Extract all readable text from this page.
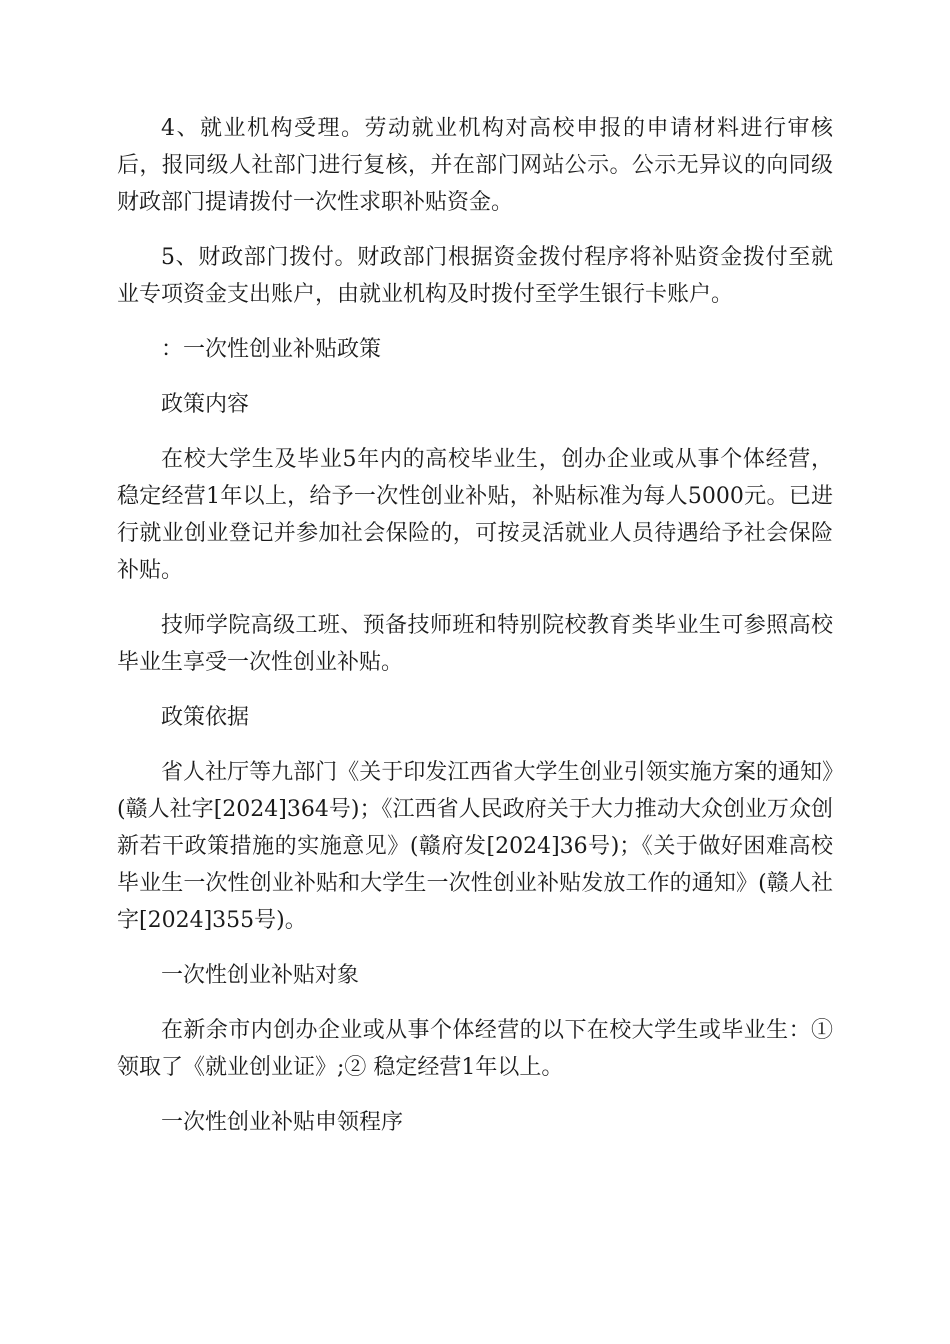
4、就业机构受理。劳动就业机构对高校申报的申请材料进行审核后，报同级人社部门进行复核，并在部门网站公示。公示无异议的向同级财政部门提请拨付一次性求职补贴资金。

5、财政部门拨付。财政部门根据资金拨付程序将补贴资金拨付至就业专项资金支出账户，由就业机构及时拨付至学生银行卡账户。

：一次性创业补贴政策

政策内容

在校大学生及毕业5年内的高校毕业生，创办企业或从事个体经营，稳定经营1年以上，给予一次性创业补贴，补贴标准为每人5000元。已进行就业创业登记并参加社会保险的，可按灵活就业人员待遇给予社会保险补贴。

技师学院高级工班、预备技师班和特别院校教育类毕业生可参照高校毕业生享受一次性创业补贴。

政策依据

省人社厅等九部门《关于印发江西省大学生创业引领实施方案的通知》(赣人社字[2024]364号)；《江西省人民政府关于大力推动大众创业万众创新若干政策措施的实施意见》(赣府发[2024]36号)；《关于做好困难高校毕业生一次性创业补贴和大学生一次性创业补贴发放工作的通知》(赣人社字[2024]355号)。

一次性创业补贴对象

在新余市内创办企业或从事个体经营的以下在校大学生或毕业生：①领取了《就业创业证》;② 稳定经营1年以上。

一次性创业补贴申领程序
